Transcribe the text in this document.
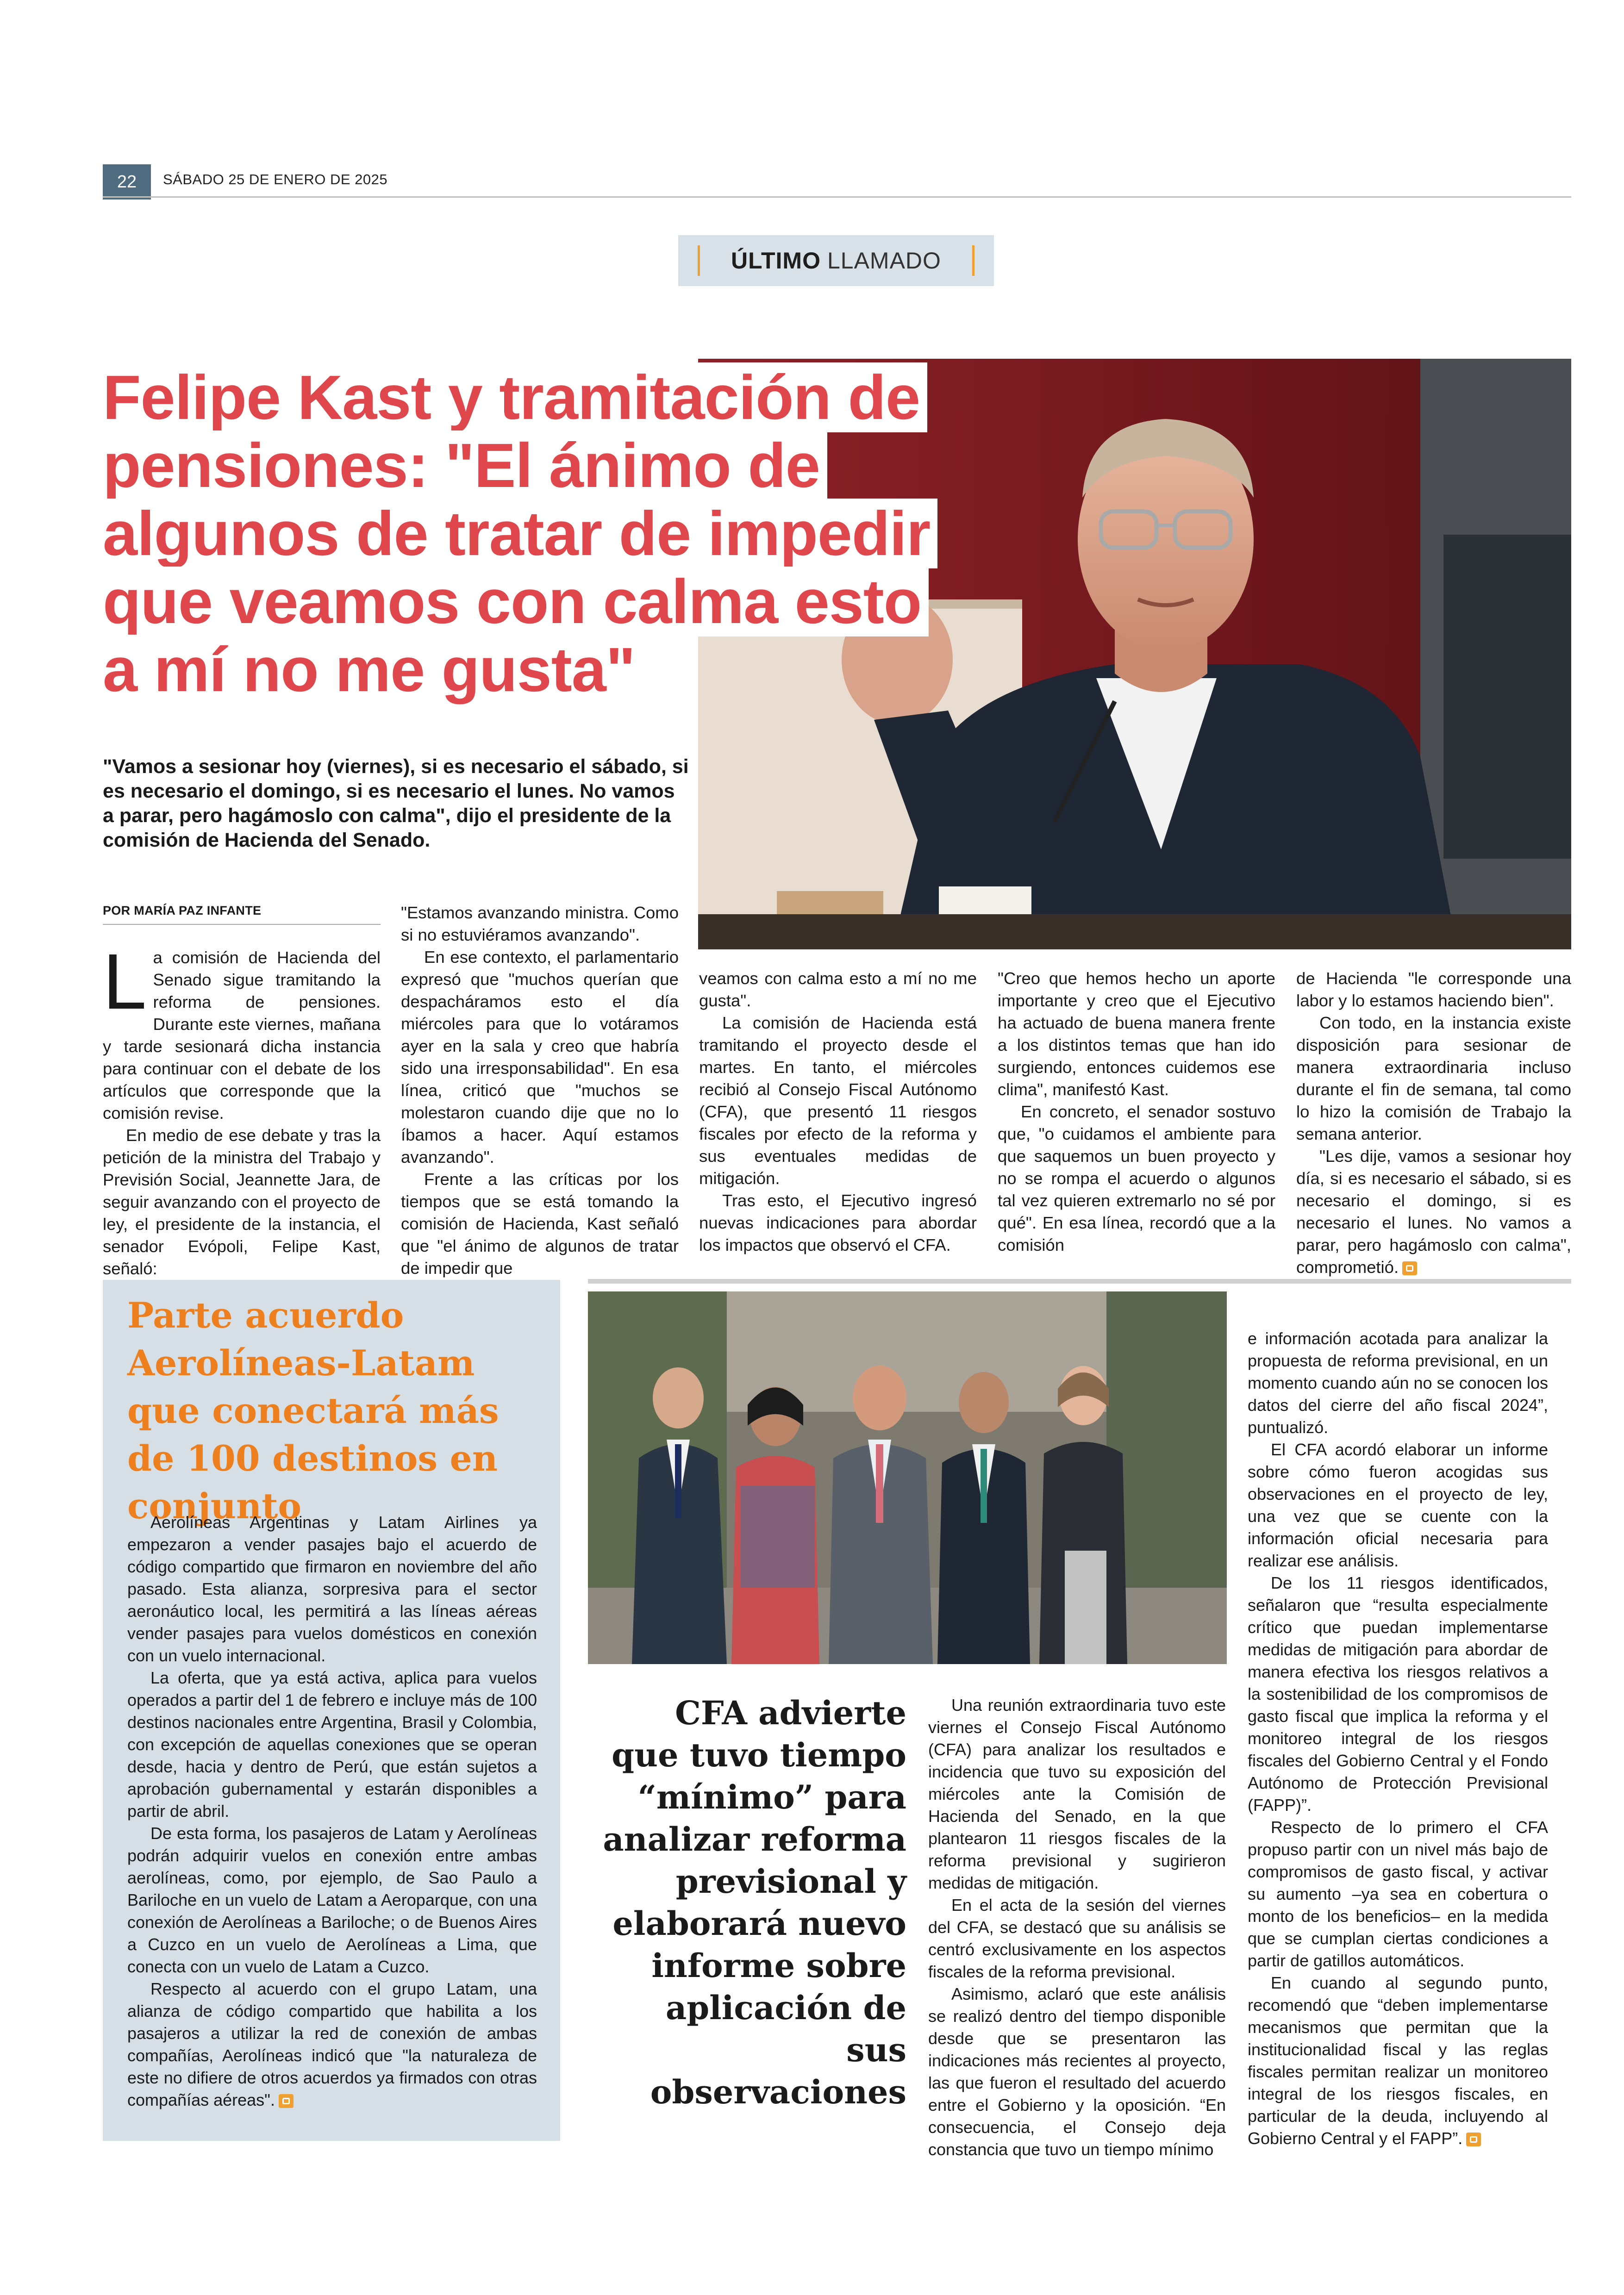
22	SÁBADO 25 DE ENERO DE 2025
ÚLTIMO LLAMADO
Felipe Kast y tramitación de pensiones: "El ánimo de algunos de tratar de impedir que veamos con calma esto a mí no me gusta"

"Vamos a sesionar hoy (viernes), si es necesario el sábado, si es necesario el domingo, si es necesario el lunes. No vamos a parar, pero hagámoslo con calma", dijo el presidente de la comisión de Hacienda del Senado.

POR MARÍA PAZ INFANTE
L a comisión de Hacienda del Senado sigue tramitando la reforma de pensiones. Durante este viernes, mañana y tarde sesionará dicha instancia para continuar con el debate de los artículos que corresponde que la comisión revise.

En medio de ese debate y tras la petición de la ministra del Trabajo y Previsión Social, Jeannette Jara, de seguir avanzando con el proyecto de ley, el presidente de la instancia, el senador Evópoli, Felipe Kast, señaló:

"Estamos avanzando ministra. Como si no estuviéramos avanzando".

En ese contexto, el parlamentario expresó que "muchos querían que despacháramos esto el día miércoles para que lo votáramos ayer en la sala y creo que habría sido una irresponsabilidad". En esa línea, criticó que "muchos se molestaron cuando dije que no lo íbamos a hacer. Aquí estamos avanzando".

Frente a las críticas por los tiempos que se está tomando la comisión de Hacienda, Kast señaló que "el ánimo de algunos de tratar de impedir que

veamos con calma esto a mí no me gusta".

La comisión de Hacienda está tramitando el proyecto desde el martes. En tanto, el miércoles recibió al Consejo Fiscal Autónomo (CFA), que presentó 11 riesgos fiscales por efecto de la reforma y sus eventuales medidas de mitigación.

Tras esto, el Ejecutivo ingresó nuevas indicaciones para abordar los impactos que observó el CFA.

"Creo que hemos hecho un aporte importante y creo que el Ejecutivo ha actuado de buena manera frente a los distintos temas que han ido surgiendo, entonces cuidemos ese clima", manifestó Kast.

En concreto, el senador sostuvo que, "o cuidamos el ambiente para que saquemos un buen proyecto y no se rompa el acuerdo o algunos tal vez quieren extremarlo no sé por qué". En esa línea, recordó que a la comisión

de Hacienda "le corresponde una labor y lo estamos haciendo bien".

Con todo, en la instancia existe disposición para sesionar de manera extraordinaria incluso durante el fin de semana, tal como lo hizo la comisión de Trabajo la semana anterior.

"Les dije, vamos a sesionar hoy día, si es necesario el sábado, si es necesario el domingo, si es necesario el lunes. No vamos a parar, pero hagámoslo con calma", comprometió.

Parte acuerdo Aerolíneas-Latam que conectará más de 100 destinos en conjunto

Aerolíneas Argentinas y Latam Airlines ya empezaron a vender pasajes bajo el acuerdo de código compartido que firmaron en noviembre del año pasado. Esta alianza, sorpresiva para el sector aeronáutico local, les permitirá a las líneas aéreas vender pasajes para vuelos domésticos en conexión con un vuelo internacional.

La oferta, que ya está activa, aplica para vuelos operados a partir del 1 de febrero e incluye más de 100 destinos nacionales entre Argentina, Brasil y Colombia, con excepción de aquellas conexiones que se operan desde, hacia y dentro de Perú, que están sujetos a aprobación gubernamental y estarán disponibles a partir de abril.

De esta forma, los pasajeros de Latam y Aerolíneas podrán adquirir vuelos en conexión entre ambas aerolíneas, como, por ejemplo, de Sao Paulo a Bariloche en un vuelo de Latam a Aeroparque, con una conexión de Aerolíneas a Bariloche; o de Buenos Aires a Cuzco en un vuelo de Aerolíneas a Lima, que conecta con un vuelo de Latam a Cuzco.

Respecto al acuerdo con el grupo Latam, una alianza de código compartido que habilita a los pasajeros a utilizar la red de conexión de ambas compañías, Aerolíneas indicó que "la naturaleza de este no difiere de otros acuerdos ya firmados con otras compañías aéreas".

CFA advierte que tuvo tiempo “mínimo” para analizar reforma previsional y elaborará nuevo informe sobre aplicación de sus observaciones

Una reunión extraordinaria tuvo este viernes el Consejo Fiscal Autónomo (CFA) para analizar los resultados e incidencia que tuvo su exposición del miércoles ante la Comisión de Hacienda del Senado, en la que plantearon 11 riesgos fiscales de la reforma previsional y sugirieron medidas de mitigación.

En el acta de la sesión del viernes del CFA, se destacó que su análisis se centró exclusivamente en los aspectos fiscales de la reforma previsional.

Asimismo, aclaró que este análisis se realizó dentro del tiempo disponible desde que se presentaron las indicaciones más recientes al proyecto, las que fueron el resultado del acuerdo entre el Gobierno y la oposición. “En consecuencia, el Consejo deja constancia que tuvo un tiempo mínimo

e información acotada para analizar la propuesta de reforma previsional, en un momento cuando aún no se conocen los datos del cierre del año fiscal 2024”, puntualizó.

El CFA acordó elaborar un informe sobre cómo fueron acogidas sus observaciones en el proyecto de ley, una vez que se cuente con la información oficial necesaria para realizar ese análisis.

De los 11 riesgos identificados, señalaron que “resulta especialmente crítico que puedan implementarse medidas de mitigación para abordar de manera efectiva los riesgos relativos a la sostenibilidad de los compromisos de gasto fiscal que implica la reforma y el monitoreo integral de los riesgos fiscales del Gobierno Central y el Fondo Autónomo de Protección Previsional (FAPP)”.

Respecto de lo primero el CFA propuso partir con un nivel más bajo de compromisos de gasto fiscal, y activar su aumento –ya sea en cobertura o monto de los beneficios– en la medida que se cumplan ciertas condiciones a partir de gatillos automáticos.

En cuando al segundo punto, recomendó que “deben implementarse mecanismos que permitan que la institucionalidad fiscal y las reglas fiscales permitan realizar un monitoreo integral de los riesgos fiscales, en particular de la deuda, incluyendo al Gobierno Central y el FAPP”.
